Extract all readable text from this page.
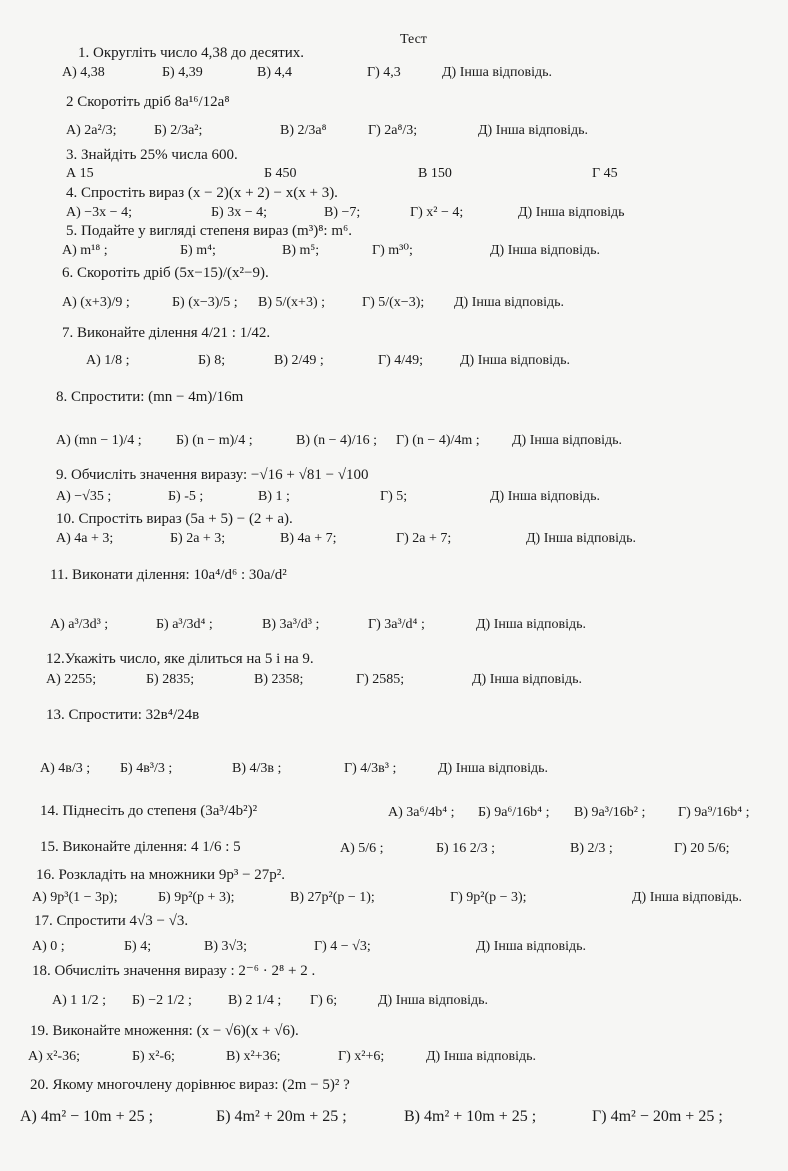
Тест
1. Округліть число 4,38 до десятих.
А) 4,38	Б) 4,39	В) 4,4	Г) 4,3	Д) Інша відповідь.
2 Скоротіть дріб 8a¹⁶/12a⁸
А) 2a²/3;	Б) 2/3a²;	В) 2/3a⁸	Г) 2a⁸/3;	Д) Інша відповідь.
3. Знайдіть 25% числа 600.
А 15	Б 450	В 150	Г 45
4. Спростіть вираз (x − 2)(x + 2) − x(x + 3).
А) −3x − 4;	Б) 3x − 4;	В) −7;	Г) x² − 4;	Д) Інша відповідь
5. Подайте у вигляді степеня вираз (m³)⁸: m⁶.
А) m¹⁸ ;	Б) m⁴;	В) m⁵;	Г) m³⁰;	Д) Інша відповідь.
6. Скоротіть дріб (5x−15)/(x²−9).
А) (x+3)/9 ;	Б) (x−3)/5 ; В) 5/(x+3) ;	Г) 5/(x−3); Д) Інша відповідь.
7. Виконайте ділення 4/21 : 1/42.
А) 1/8 ;	Б) 8;	В) 2/49 ;	Г) 4/49;	Д) Інша відповідь.
8. Спростити: (mn − 4m)/16m
А) (mn − 1)/4 ; Б) (n − m)/4 ;	В) (n − 4)/16 ; Г) (n − 4)/4m ; Д) Інша відповідь.
9. Обчисліть значення виразу: −√16 + √81 − √100
А) −√35 ;	Б) -5 ;	В) 1 ;	Г) 5;	Д) Інша відповідь.
10. Спростіть вираз (5a + 5) − (2 + a).
А) 4a + 3;	Б) 2a + 3;	В) 4a + 7;	Г) 2a + 7;	Д) Інша відповідь.
11. Виконати ділення: 10a⁴/d⁶ : 30a/d²
А) a³/3d³ ;	Б) a³/3d⁴ ;	В) 3a³/d³ ;	Г) 3a³/d⁴ ;	Д) Інша відповідь.
12.Укажіть число, яке ділиться на 5 і на 9.
А) 2255;	Б) 2835;	В) 2358;	Г) 2585;	Д) Інша відповідь.
13. Спростити: 32в⁴/24в
А) 4в/3 ; Б) 4в³/3 ;	В) 4/3в ;	Г) 4/3в³ ;	Д) Інша відповідь.
14. Піднесіть до степеня (3a³/4b²)²	А) 3a⁶/4b⁴ ; Б) 9a⁶/16b⁴ ; В) 9a³/16b² ; Г) 9a⁹/16b⁴ ;
15. Виконайте ділення: 4 1/6 : 5	А) 5/6 ;	Б) 16 2/3 ;	В) 2/3 ;	Г) 20 5/6;
16. Розкладіть на множники 9p³ − 27p².
А) 9p³(1 − 3p);	Б) 9p²(p + 3);	В) 27p²(p − 1);	Г) 9p²(p − 3);	Д) Інша відповідь.
17. Спростити 4√3 − √3.
А) 0 ;	Б) 4;	В) 3√3;	Г) 4 − √3;	Д) Інша відповідь.
18. Обчисліть значення виразу : 2⁻⁶ · 2⁸ + 2 .
А) 1 1/2 ; Б) −2 1/2 ;	В) 2 1/4 ; Г) 6;	Д) Інша відповідь.
19. Виконайте множення: (x − √6)(x + √6).
А) x²-36;	Б) x²-6;	В) x²+36;	Г) x²+6;	Д) Інша відповідь.
20. Якому многочлену дорівнює вираз: (2m − 5)² ?
А) 4m² − 10m + 25 ;	Б) 4m² + 20m + 25 ;	В) 4m² + 10m + 25 ;	Г) 4m² − 20m + 25 ;
